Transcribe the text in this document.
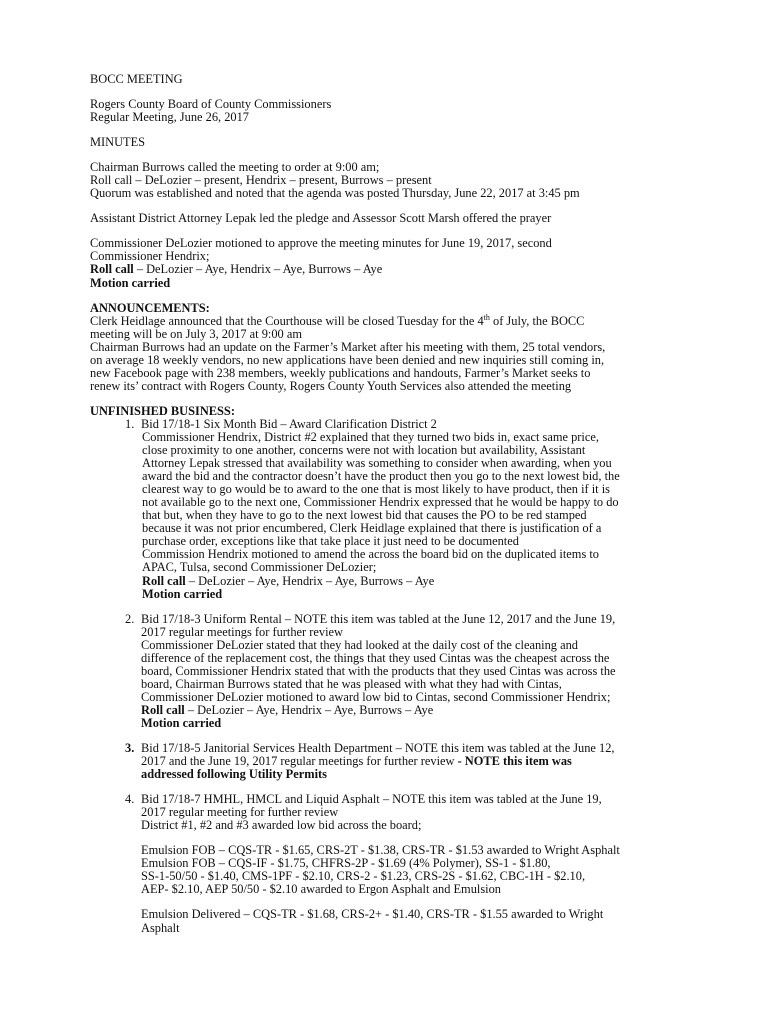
BOCC MEETING

Rogers County Board of County Commissioners

Regular Meeting, June 26, 2017

MINUTES

Chairman Burrows called the meeting to order at 9:00 am;

Roll call – DeLozier – present, Hendrix – present, Burrows – present

Quorum was established and noted that the agenda was posted Thursday, June 22, 2017 at 3:45 pm

Assistant District Attorney Lepak led the pledge and Assessor Scott Marsh offered the prayer

Commissioner DeLozier motioned to approve the meeting minutes for June 19, 2017, second

Commissioner Hendrix;

Roll call – DeLozier – Aye, Hendrix – Aye, Burrows – Aye

Motion carried

ANNOUNCEMENTS:

Clerk Heidlage announced that the Courthouse will be closed Tuesday for the 4th of July, the BOCC

meeting will be on July 3, 2017 at 9:00 am

Chairman Burrows had an update on the Farmer’s Market after his meeting with them, 25 total vendors,

on average 18 weekly vendors, no new applications have been denied and new inquiries still coming in,

new Facebook page with 238 members, weekly publications and handouts, Farmer’s Market seeks to

renew its’ contract with Rogers County, Rogers County Youth Services also attended the meeting

UNFINISHED BUSINESS:

1. Bid 17/18-1 Six Month Bid – Award Clarification District 2

Commissioner Hendrix, District #2 explained that they turned two bids in, exact same price,

close proximity to one another, concerns were not with location but availability, Assistant

Attorney Lepak stressed that availability was something to consider when awarding, when you

award the bid and the contractor doesn’t have the product then you go to the next lowest bid, the

clearest way to go would be to award to the one that is most likely to have product, then if it is

not available go to the next one, Commissioner Hendrix expressed that he would be happy to do

that but, when they have to go to the next lowest bid that causes the PO to be red stamped

because it was not prior encumbered, Clerk Heidlage explained that there is justification of a

purchase order, exceptions like that take place it just need to be documented

Commission Hendrix motioned to amend the across the board bid on the duplicated items to

APAC, Tulsa, second Commissioner DeLozier;

Roll call – DeLozier – Aye, Hendrix – Aye, Burrows – Aye

Motion carried

2. Bid 17/18-3 Uniform Rental – NOTE this item was tabled at the June 12, 2017 and the June 19,

2017 regular meetings for further review

Commissioner DeLozier stated that they had looked at the daily cost of the cleaning and

difference of the replacement cost, the things that they used Cintas was the cheapest across the

board, Commissioner Hendrix stated that with the products that they used Cintas was across the

board, Chairman Burrows stated that he was pleased with what they had with Cintas,

Commissioner DeLozier motioned to award low bid to Cintas, second Commissioner Hendrix;

Roll call – DeLozier – Aye, Hendrix – Aye, Burrows – Aye

Motion carried

3. Bid 17/18-5 Janitorial Services Health Department – NOTE this item was tabled at the June 12,

2017 and the June 19, 2017 regular meetings for further review - NOTE this item was

addressed following Utility Permits

4. Bid 17/18-7 HMHL, HMCL and Liquid Asphalt – NOTE this item was tabled at the June 19,

2017 regular meeting for further review

District #1, #2 and #3 awarded low bid across the board;

Emulsion FOB – CQS-TR - $1.65, CRS-2T - $1.38, CRS-TR - $1.53 awarded to Wright Asphalt

Emulsion FOB – CQS-IF - $1.75, CHFRS-2P - $1.69 (4% Polymer), SS-1 - $1.80,

SS-1-50/50 - $1.40, CMS-1PF - $2.10, CRS-2 - $1.23, CRS-2S - $1.62, CBC-1H - $2.10,

AEP- $2.10, AEP 50/50 - $2.10 awarded to Ergon Asphalt and Emulsion

Emulsion Delivered – CQS-TR - $1.68, CRS-2+ - $1.40, CRS-TR - $1.55 awarded to Wright

Asphalt
